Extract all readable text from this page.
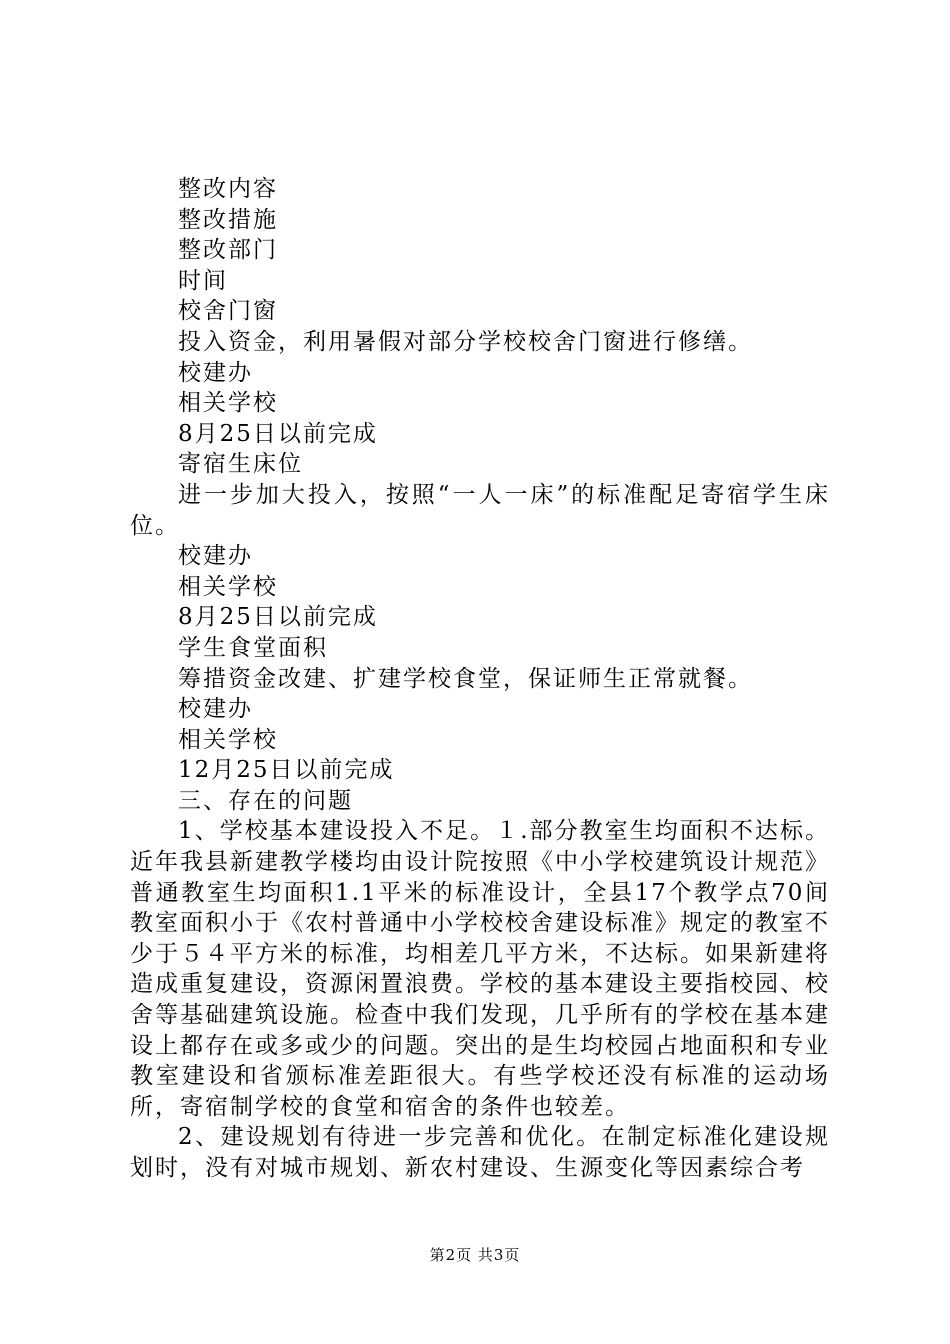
整改内容
整改措施
整改部门
时间
校舍门窗
投入资金，利用暑假对部分学校校舍门窗进行修缮。
校建办
相关学校
8月25日以前完成
寄宿生床位

进一步加大投入，按照“一人一床”的标准配足寄宿学生床位。

校建办
相关学校
8月25日以前完成
学生食堂面积
筹措资金改建、扩建学校食堂，保证师生正常就餐。
校建办
相关学校
12月25日以前完成
三、存在的问题

1、学校基本建设投入不足。１.部分教室生均面积不达标。近年我县新建教学楼均由设计院按照《中小学校建筑设计规范》普通教室生均面积1.1平米的标准设计，全县17个教学点70间教室面积小于《农村普通中小学校校舍建设标准》规定的教室不少于５４平方米的标准，均相差几平方米，不达标。如果新建将造成重复建设，资源闲置浪费。学校的基本建设主要指校园、校舍等基础建筑设施。检查中我们发现，几乎所有的学校在基本建设上都存在或多或少的问题。突出的是生均校园占地面积和专业教室建设和省颁标准差距很大。有些学校还没有标准的运动场所，寄宿制学校的食堂和宿舍的条件也较差。

2、建设规划有待进一步完善和优化。在制定标准化建设规划时，没有对城市规划、新农村建设、生源变化等因素综合考

第2页 共3页
